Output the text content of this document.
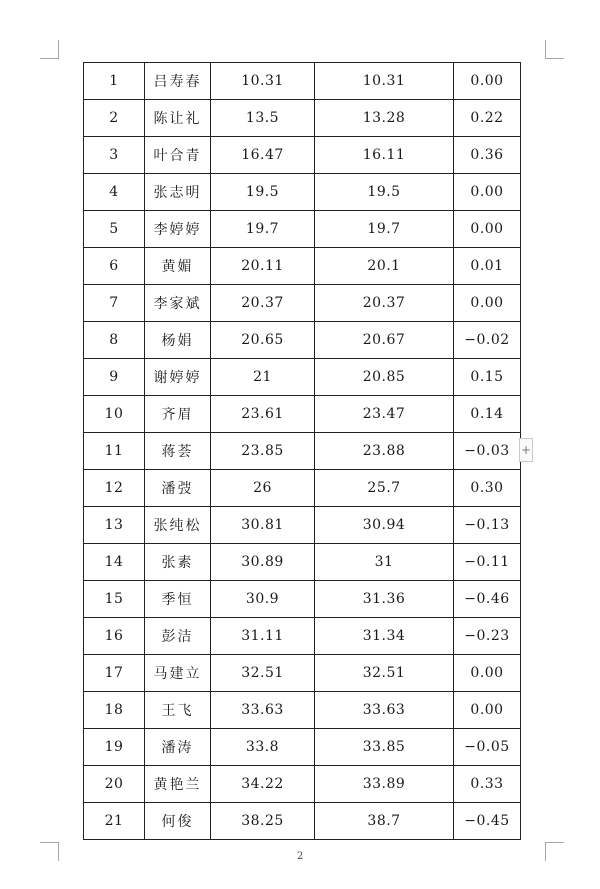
1	吕寿春	10.31	10.31	0.00
2	陈让礼	13.5	13.28	0.22
3	叶合青	16.47	16.11	0.36
4	张志明	19.5	19.5	0.00
5	李婷婷	19.7	19.7	0.00
6	黄媚	20.11	20.1	0.01
7	李家斌	20.37	20.37	0.00
8	杨娟	20.65	20.67	−0.02
9	谢婷婷	21	20.85	0.15
10	齐眉	23.61	23.47	0.14
11	蒋荟	23.85	23.88	−0.03
12	潘弢	26	25.7	0.30
13	张纯松	30.81	30.94	−0.13
14	张素	30.89	31	−0.11
15	季恒	30.9	31.36	−0.46
16	彭洁	31.11	31.34	−0.23
17	马建立	32.51	32.51	0.00
18	王飞	33.63	33.63	0.00
19	潘涛	33.8	33.85	−0.05
20	黄艳兰	34.22	33.89	0.33
21	何俊	38.25	38.7	−0.45
+
2
